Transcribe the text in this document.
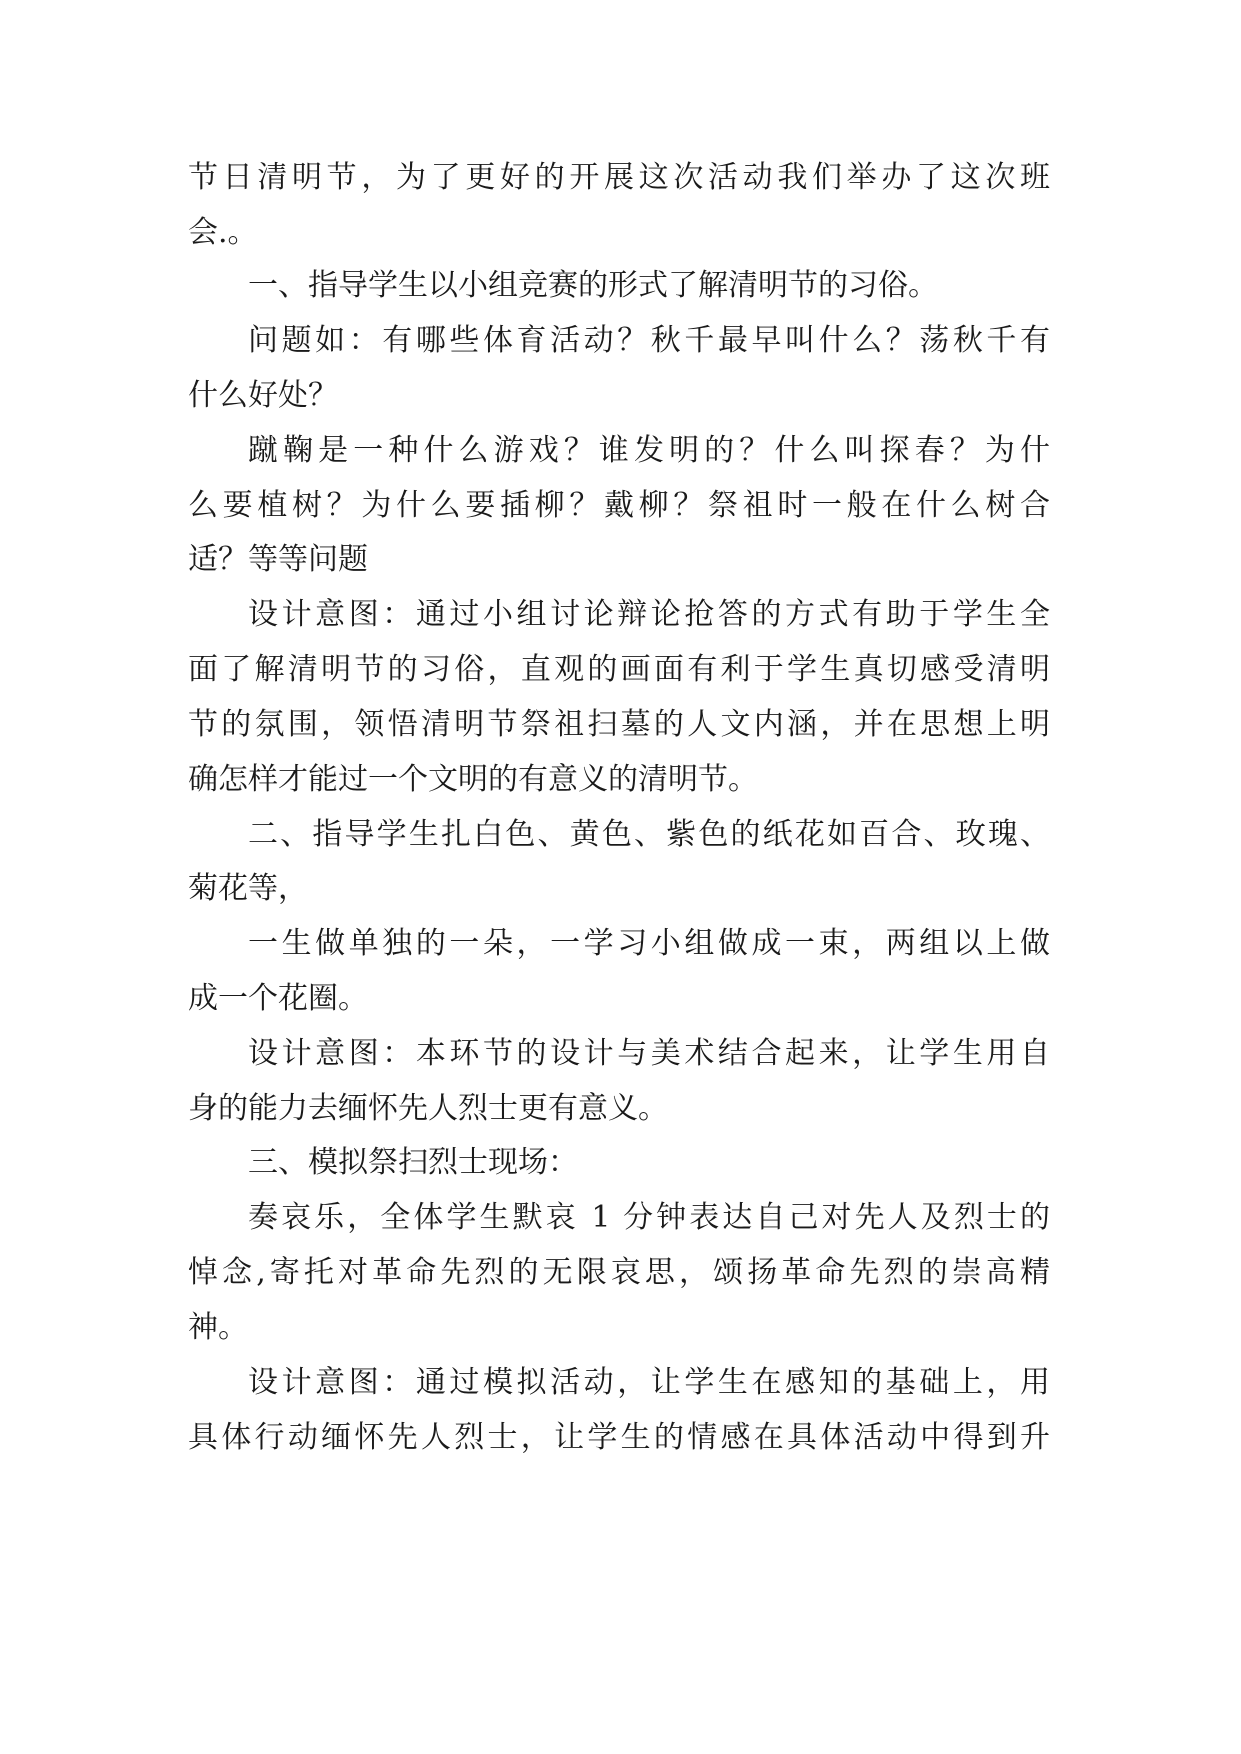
节日清明节，为了更好的开展这次活动我们举办了这次班
会.。
一、指导学生以小组竞赛的形式了解清明节的习俗。
问题如：有哪些体育活动？秋千最早叫什么？荡秋千有
什么好处？
蹴鞠是一种什么游戏？谁发明的？什么叫探春？为什
么要植树？为什么要插柳？戴柳？祭祖时一般在什么树合
适？等等问题
设计意图：通过小组讨论辩论抢答的方式有助于学生全
面了解清明节的习俗，直观的画面有利于学生真切感受清明
节的氛围，领悟清明节祭祖扫墓的人文内涵，并在思想上明
确怎样才能过一个文明的有意义的清明节。
二、指导学生扎白色、黄色、紫色的纸花如百合、玫瑰、
菊花等，
一生做单独的一朵，一学习小组做成一束，两组以上做
成一个花圈。
设计意图：本环节的设计与美术结合起来，让学生用自
身的能力去缅怀先人烈士更有意义。
三、模拟祭扫烈士现场：
奏哀乐，全体学生默哀 1 分钟表达自己对先人及烈士的
悼念,寄托对革命先烈的无限哀思，颂扬革命先烈的崇高精
神。
设计意图：通过模拟活动，让学生在感知的基础上，用
具体行动缅怀先人烈士，让学生的情感在具体活动中得到升
